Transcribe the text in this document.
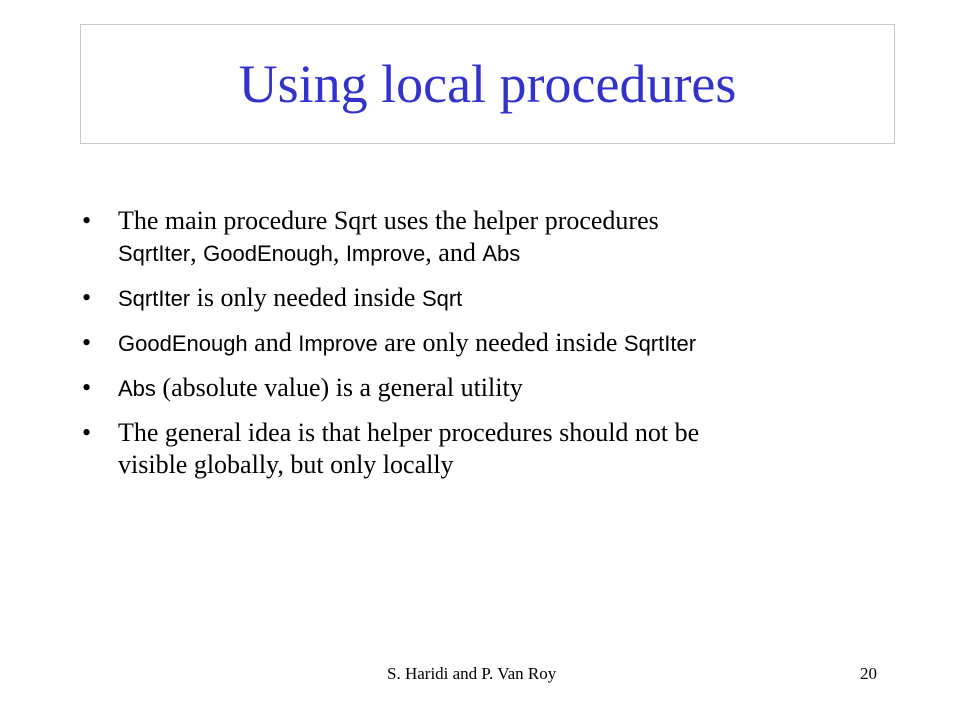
Using local procedures
• The main procedure Sqrt uses the helper procedures
SqrtIter, GoodEnough, Improve, and Abs
• SqrtIter is only needed inside Sqrt
• GoodEnough and Improve are only needed inside SqrtIter
• Abs (absolute value) is a general utility
• The general idea is that helper procedures should not be
visible globally, but only locally
S. Haridi and P. Van Roy	20
